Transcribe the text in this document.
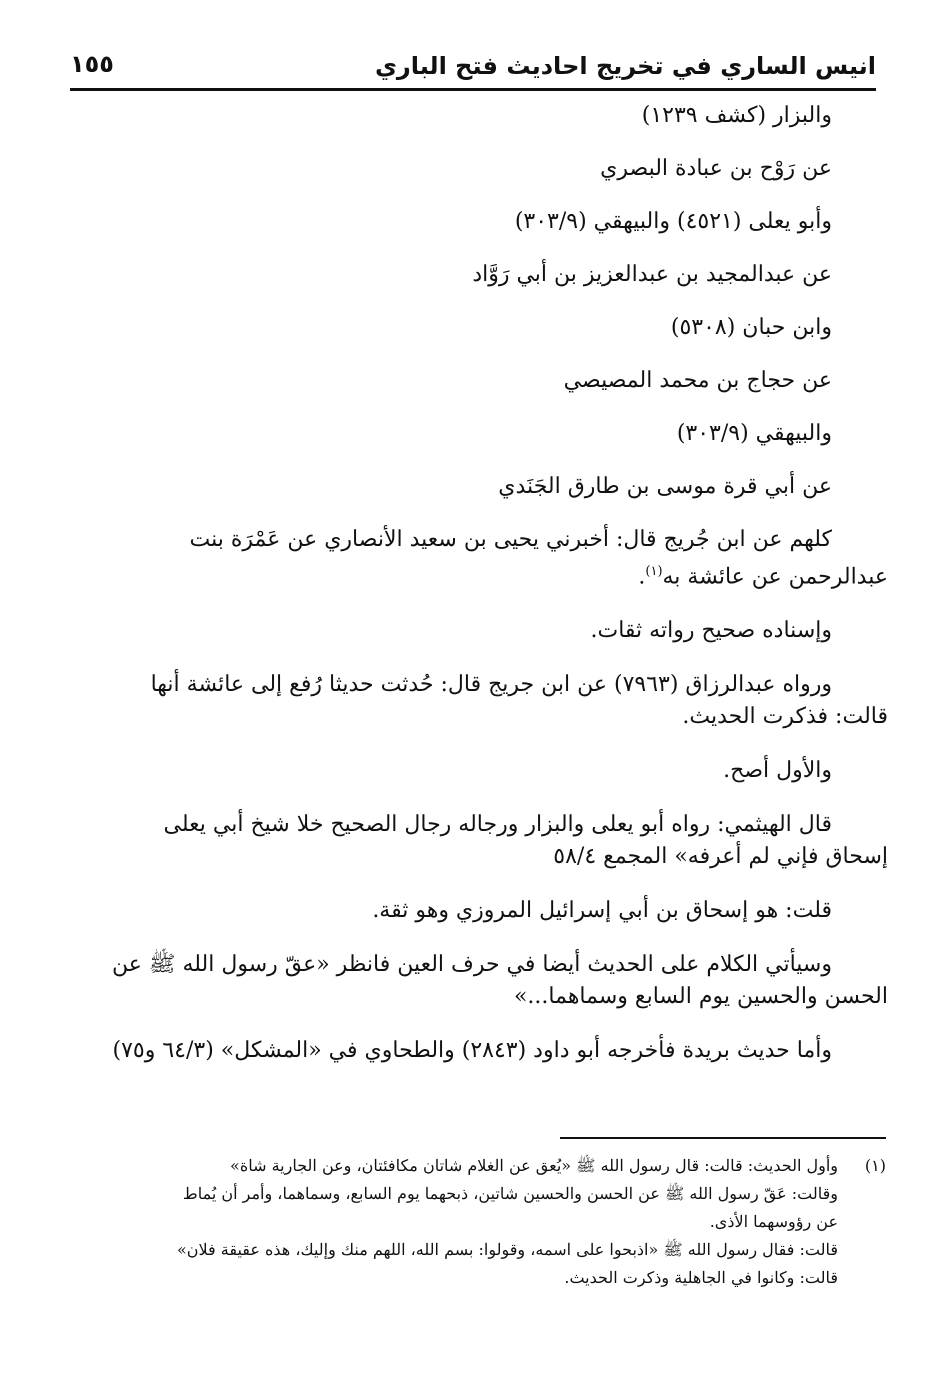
انيس الساري في تخريج احاديث فتح الباري
١٥٥

والبزار (كشف ١٢٣٩)

عن رَوْح بن عبادة البصري

وأبو يعلى (٤٥٢١) والبيهقي (٣٠٣/٩)

عن عبدالمجيد بن عبدالعزيز بن أبي رَوَّاد

وابن حبان (٥٣٠٨)

عن حجاج بن محمد المصيصي

والبيهقي (٣٠٣/٩)

عن أبي قرة موسى بن طارق الجَنَدي

كلهم عن ابن جُريج قال: أخبرني يحيى بن سعيد الأنصاري عن عَمْرَة بنت

عبدالرحمن عن عائشة به$^{(١)}$.

وإسناده صحيح رواته ثقات.

ورواه عبدالرزاق (٧٩٦٣) عن ابن جريج قال: حُدثت حديثا رُفع إلى عائشة أنها

قالت: فذكرت الحديث.

والأول أصح.

قال الهيثمي: رواه أبو يعلى والبزار ورجاله رجال الصحيح خلا شيخ أبي يعلى

إسحاق فإني لم أعرفه» المجمع ٥٨/٤

قلت: هو إسحاق بن أبي إسرائيل المروزي وهو ثقة.

وسيأتي الكلام على الحديث أيضا في حرف العين فانظر «عقّ رسول الله ﷺ عن

الحسن والحسين يوم السابع وسماهما...»

وأما حديث بريدة فأخرجه أبو داود (٢٨٤٣) والطحاوي في «المشكل» (٦٤/٣ و٧٥)

(١)
وأول الحديث: قالت: قال رسول الله ﷺ «يُعق عن الغلام شاتان مكافئتان، وعن الجارية شاة»

وقالت: عَقّ رسول الله ﷺ عن الحسن والحسين شاتين، ذبحهما يوم السابع، وسماهما، وأمر أن يُماط

عن رؤوسهما الأذى.

قالت: فقال رسول الله ﷺ «اذبحوا على اسمه، وقولوا: بسم الله، اللهم منك وإليك، هذه عقيقة فلان»

قالت: وكانوا في الجاهلية وذكرت الحديث.
